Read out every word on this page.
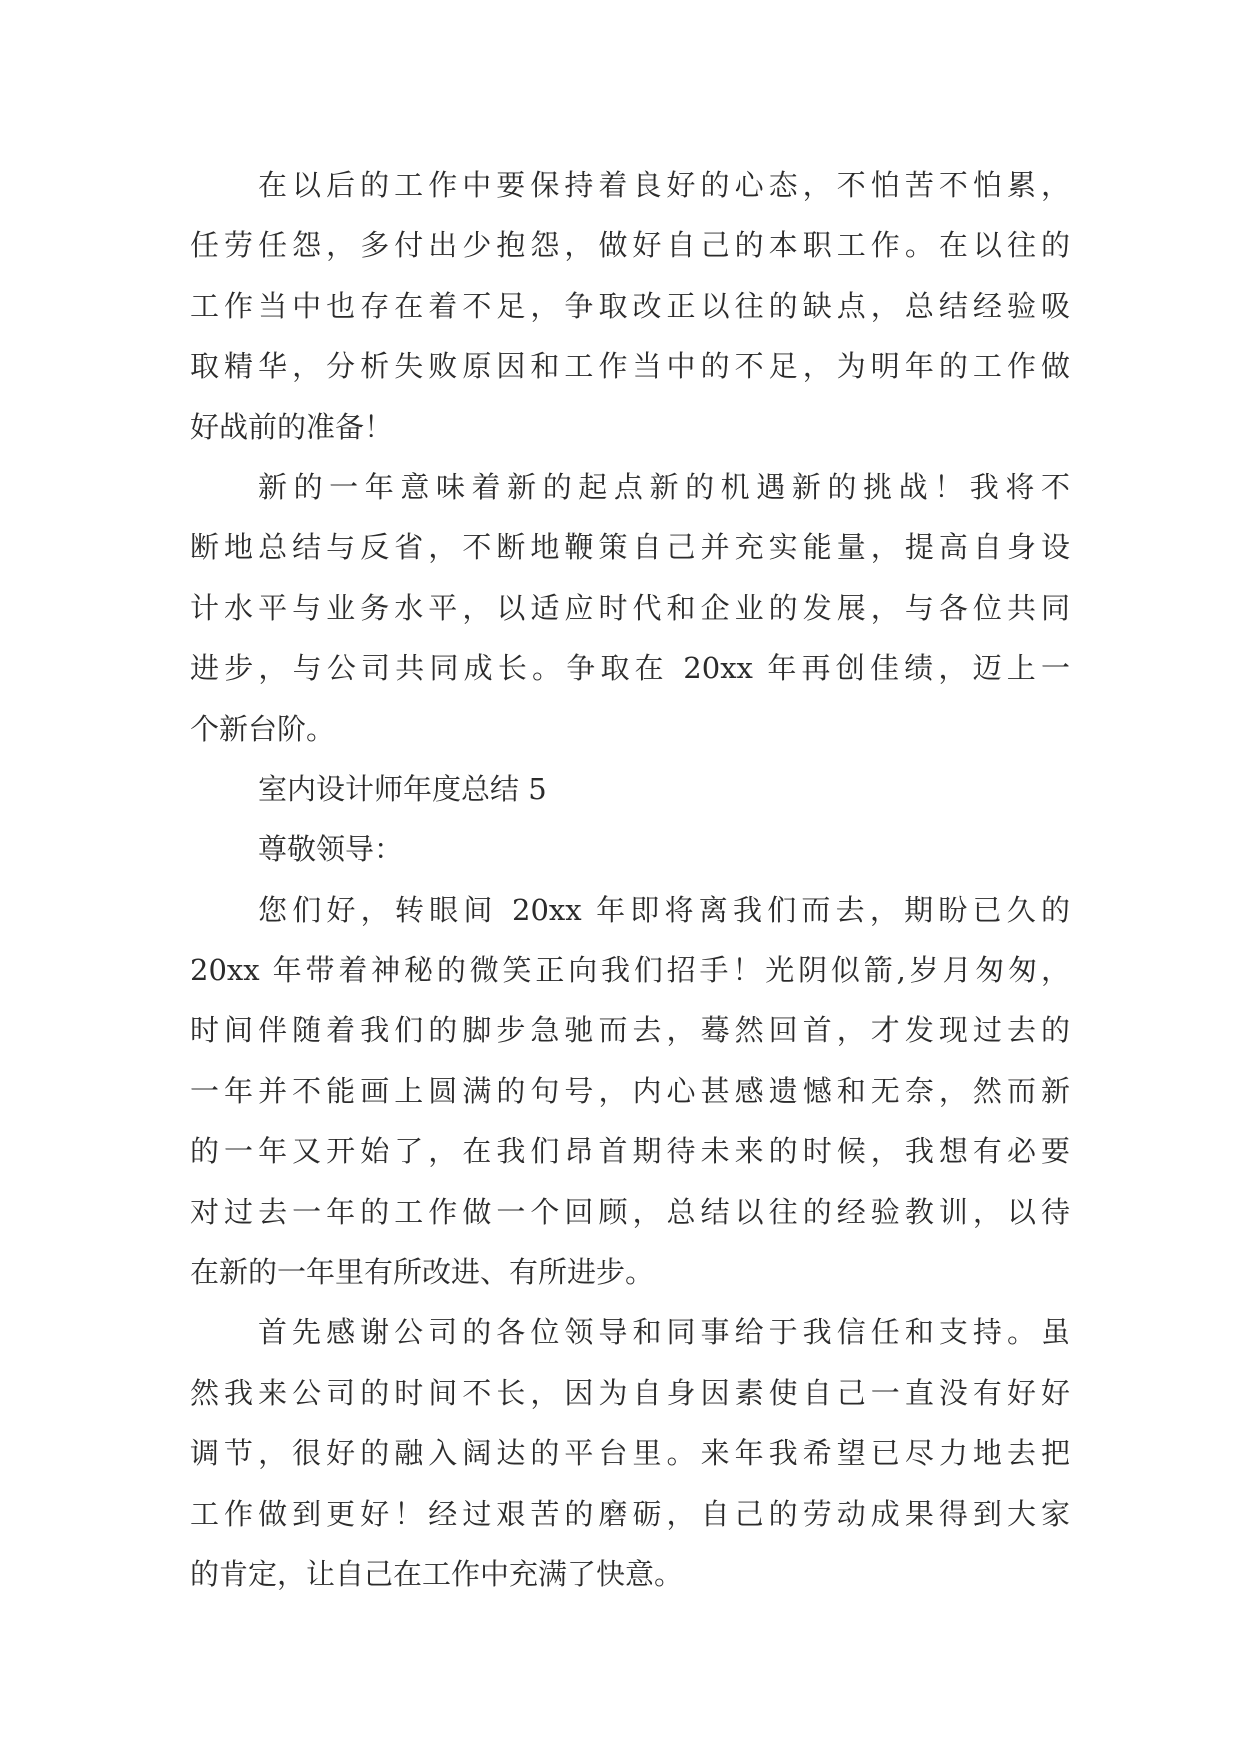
在以后的工作中要保持着良好的心态，不怕苦不怕累，
任劳任怨，多付出少抱怨，做好自己的本职工作。在以往的
工作当中也存在着不足，争取改正以往的缺点，总结经验吸
取精华，分析失败原因和工作当中的不足，为明年的工作做
好战前的准备！
新的一年意味着新的起点新的机遇新的挑战！我将不
断地总结与反省，不断地鞭策自己并充实能量，提高自身设
计水平与业务水平，以适应时代和企业的发展，与各位共同
进步，与公司共同成长。争取在 20xx 年再创佳绩，迈上一
个新台阶。
室内设计师年度总结 5
尊敬领导：
您们好，转眼间 20xx 年即将离我们而去，期盼已久的
20xx 年带着神秘的微笑正向我们招手！光阴似箭,岁月匆匆，
时间伴随着我们的脚步急驰而去，蓦然回首，才发现过去的
一年并不能画上圆满的句号，内心甚感遗憾和无奈，然而新
的一年又开始了，在我们昂首期待未来的时候，我想有必要
对过去一年的工作做一个回顾，总结以往的经验教训，以待
在新的一年里有所改进、有所进步。
首先感谢公司的各位领导和同事给于我信任和支持。虽
然我来公司的时间不长，因为自身因素使自己一直没有好好
调节，很好的融入阔达的平台里。来年我希望已尽力地去把
工作做到更好！经过艰苦的磨砺，自己的劳动成果得到大家
的肯定，让自己在工作中充满了快意。
